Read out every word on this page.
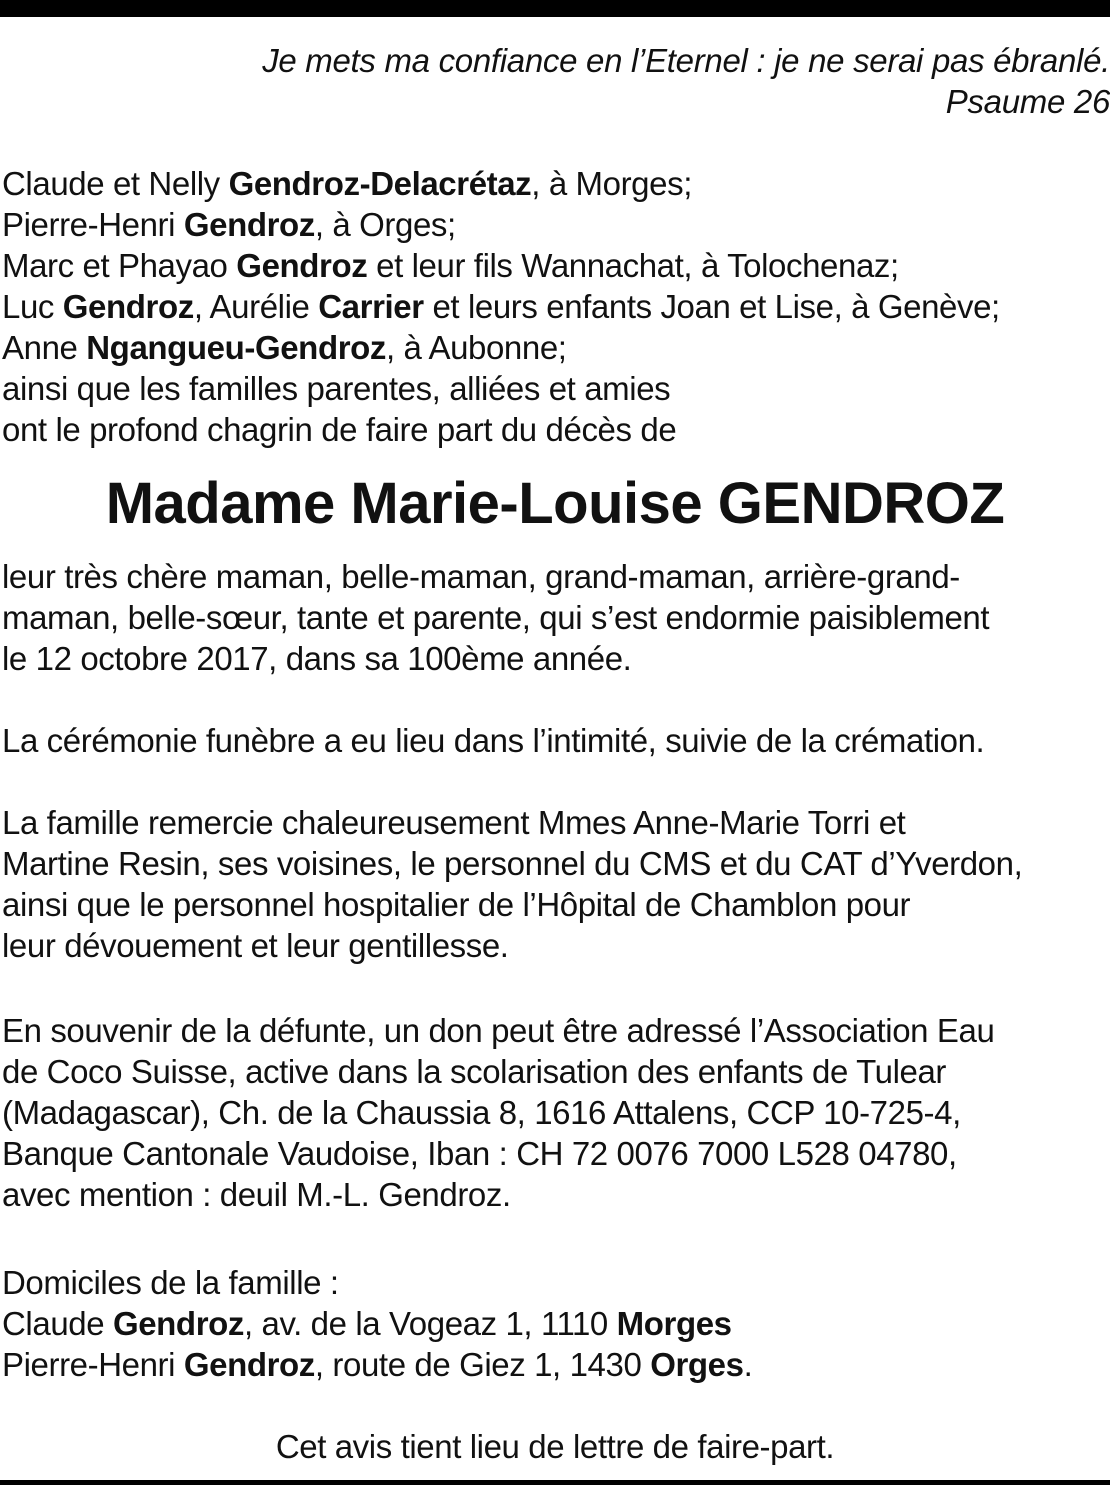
Je mets ma confiance en l’Eternel : je ne serai pas ébranlé.
Psaume 26
Claude et Nelly Gendroz-Delacrétaz, à Morges;
Pierre-Henri Gendroz, à Orges;
Marc et Phayao Gendroz et leur fils Wannachat, à Tolochenaz;
Luc Gendroz, Aurélie Carrier et leurs enfants Joan et Lise, à Genève;
Anne Ngangueu-Gendroz, à Aubonne;
ainsi que les familles parentes, alliées et amies
ont le profond chagrin de faire part du décès de
Madame Marie-Louise GENDROZ
leur très chère maman, belle-maman, grand-maman, arrière-grand-
maman, belle-sœur, tante et parente, qui s’est endormie paisiblement
le 12 octobre 2017, dans sa 100ème année.
La cérémonie funèbre a eu lieu dans l’intimité, suivie de la crémation.
La famille remercie chaleureusement Mmes Anne-Marie Torri et
Martine Resin, ses voisines, le personnel du CMS et du CAT d’Yverdon,
ainsi que le personnel hospitalier de l’Hôpital de Chamblon pour
leur dévouement et leur gentillesse.
En souvenir de la défunte, un don peut être adressé l’Association Eau
de Coco Suisse, active dans la scolarisation des enfants de Tulear
(Madagascar), Ch. de la Chaussia 8, 1616 Attalens, CCP 10-725-4,
Banque Cantonale Vaudoise, Iban : CH 72 0076 7000 L528 04780,
avec mention : deuil M.-L. Gendroz.
Domiciles de la famille :
Claude Gendroz, av. de la Vogeaz 1, 1110 Morges
Pierre-Henri Gendroz, route de Giez 1, 1430 Orges.
Cet avis tient lieu de lettre de faire-part.
